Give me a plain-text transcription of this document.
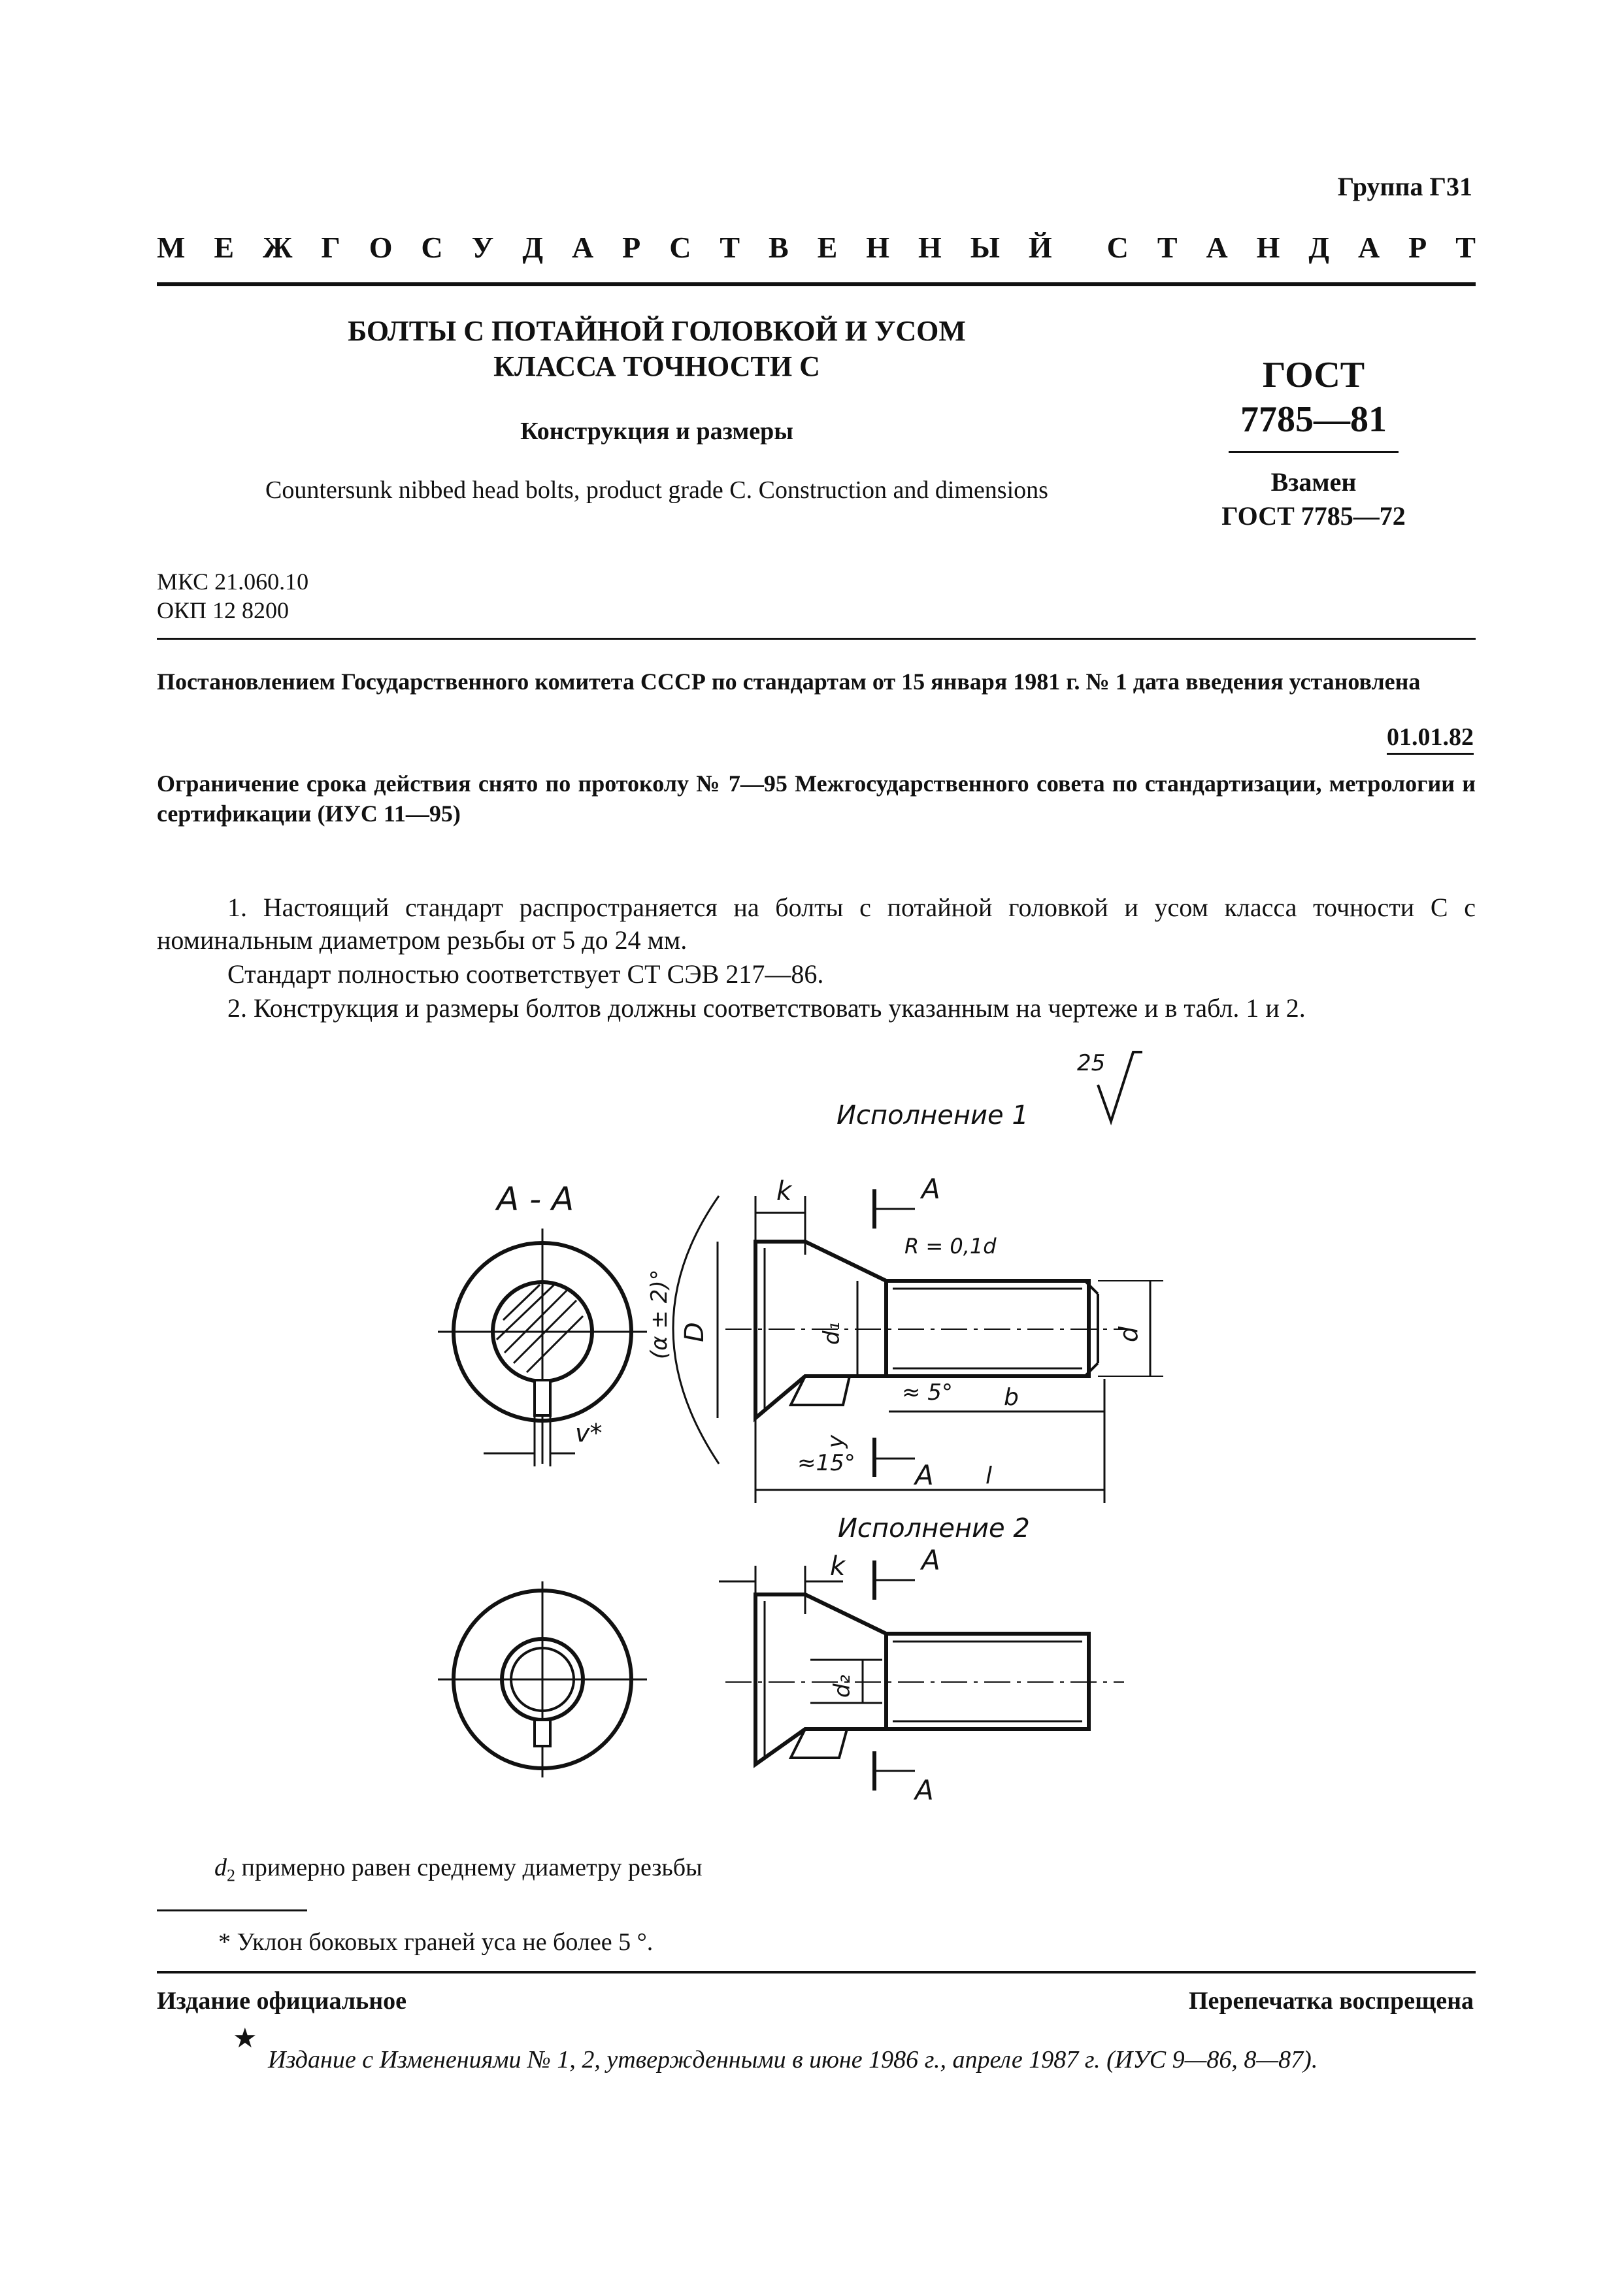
Группа Г31
М Е Ж Г О С У Д А Р С Т В Е Н Н Ы Й С Т А Н Д А Р Т
БОЛТЫ С ПОТАЙНОЙ ГОЛОВКОЙ И УСОМ
КЛАССА ТОЧНОСТИ С
Конструкция и размеры
Countersunk nibbed head bolts, product grade C. Construction and dimensions
ГОСТ
7785—81
Взамен
ГОСТ 7785—72
МКС 21.060.10
ОКП 12 8200
Постановлением Государственного комитета СССР по стандартам от 15 января 1981 г. № 1 дата введения установлена
01.01.82
Ограничение срока действия снято по протоколу № 7—95 Межгосударственного совета по стандартизации, метрологии и сертификации (ИУС 11—95)
1. Настоящий стандарт распространяется на болты с потайной головкой и усом класса точности С с номинальным диаметром резьбы от 5 до 24 мм.
Стандарт полностью соответствует СТ СЭВ 217—86.
2. Конструкция и размеры болтов должны соответствовать указанным на чертеже и в табл. 1 и 2.
25
Исполнение 1
А - А
v*
k	А
R = 0,1d
А
D
(α ± 2)°	d₁	d
≈ 5° b
≈15°
y
l
Исполнение 2
k
d₂
А
А
$d_2$ примерно равен среднему диаметру резьбы
* Уклон боковых граней уса не более 5 °.
Издание официальное	Перепечатка воспрещена
★
Издание с Изменениями № 1, 2, утвержденными в июне 1986 г., апреле 1987 г. (ИУС 9—86, 8—87).
